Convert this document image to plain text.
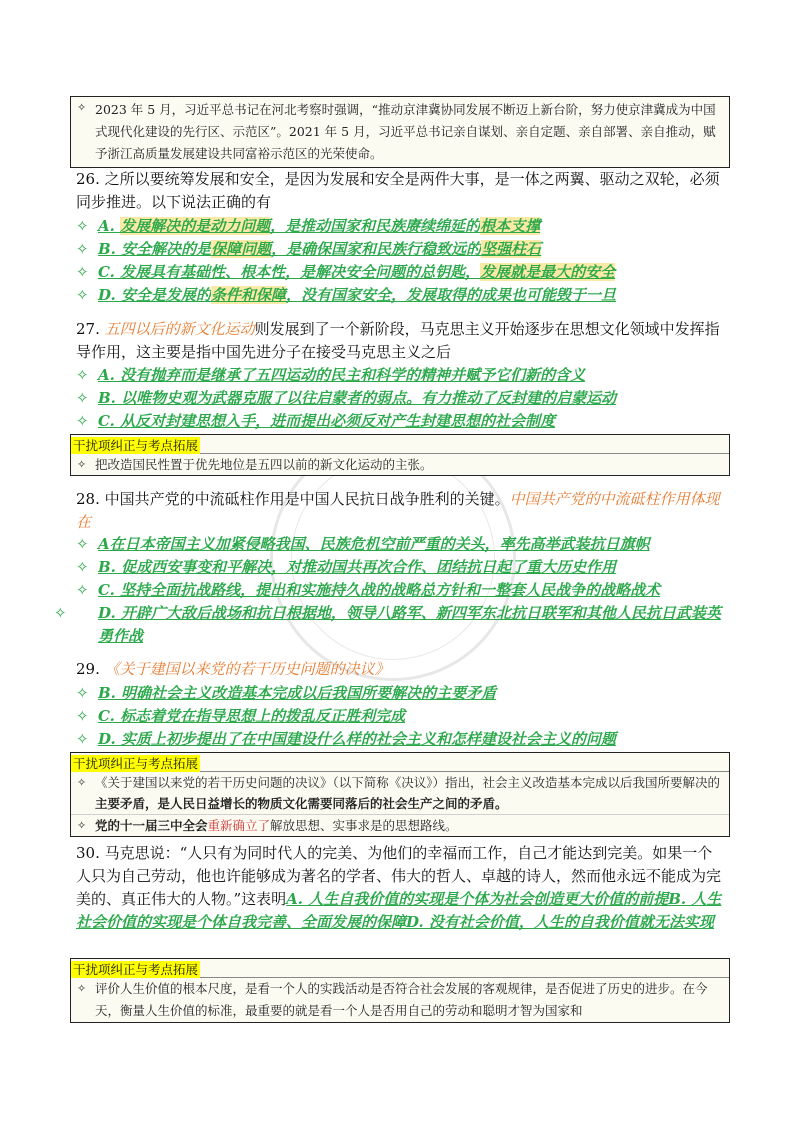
✧ 2023 年 5 月，习近平总书记在河北考察时强调，“推动京津冀协同发展不断迈上新台阶，努力使京津冀成为中国式现代化建设的先行区、示范区”。2021 年 5 月，习近平总书记亲自谋划、亲自定题、亲自部署、亲自推动，赋予浙江高质量发展建设共同富裕示范区的光荣使命。
26. 之所以要统筹发展和安全，是因为发展和安全是两件大事，是一体之两翼、驱动之双轮，必须同步推进。以下说法正确的有
✧ A. 发展解决的是动力问题，是推动国家和民族赓续绵延的根本支撑
✧ B. 安全解决的是保障问题，是确保国家和民族行稳致远的坚强柱石
✧ C. 发展具有基础性、根本性，是解决安全问题的总钥匙，发展就是最大的安全
✧ D. 安全是发展的条件和保障，没有国家安全，发展取得的成果也可能毁于一旦
27. 五四以后的新文化运动则发展到了一个新阶段，马克思主义开始逐步在思想文化领域中发挥指导作用，这主要是指中国先进分子在接受马克思主义之后
✧ A. 没有抛弃而是继承了五四运动的民主和科学的精神并赋予它们新的含义
✧ B. 以唯物史观为武器克服了以往启蒙者的弱点。有力推动了反封建的启蒙运动
✧ C. 从反对封建思想入手，进而提出必须反对产生封建思想的社会制度
干扰项纠正与考点拓展
✧ 把改造国民性置于优先地位是五四以前的新文化运动的主张。
28. 中国共产党的中流砥柱作用是中国人民抗日战争胜利的关键。中国共产党的中流砥柱作用体现在
✧ A在日本帝国主义加紧侵略我国、民族危机空前严重的关头，率先高举武装抗日旗帜
✧ B. 促成西安事变和平解决，对推动国共再次合作、团结抗日起了重大历史作用
✧ C. 坚持全面抗战路线，提出和实施持久战的战略总方针和一整套人民战争的战略战术
✧ D. 开辟广大敌后战场和抗日根据地，领导八路军、新四军东北抗日联军和其他人民抗日武装英勇作战
29. 《关于建国以来党的若干历史问题的决议》
✧ B. 明确社会主义改造基本完成以后我国所要解决的主要矛盾
✧ C. 标志着党在指导思想上的拨乱反正胜利完成
✧ D. 实质上初步提出了在中国建设什么样的社会主义和怎样建设社会主义的问题
干扰项纠正与考点拓展
✧ 《关于建国以来党的若干历史问题的决议》（以下简称《决议》）指出，社会主义改造基本完成以后我国所要解决的主要矛盾，是人民日益增长的物质文化需要同落后的社会生产之间的矛盾。
✧ 党的十一届三中全会重新确立了解放思想、实事求是的思想路线。
30. 马克思说：“人只有为同时代人的完美、为他们的幸福而工作，自己才能达到完美。如果一个人只为自己劳动，他也许能够成为著名的学者、伟大的哲人、卓越的诗人，然而他永远不能成为完美的、真正伟大的人物。”这表明A. 人生自我价值的实现是个体为社会创造更大价值的前提B. 人生社会价值的实现是个体自我完善、全面发展的保障D. 没有社会价值，人生的自我价值就无法实现
干扰项纠正与考点拓展
✧ 评价人生价值的根本尺度，是看一个人的实践活动是否符合社会发展的客观规律，是否促进了历史的进步。在今天，衡量人生价值的标准，最重要的就是看一个人是否用自己的劳动和聪明才智为国家和
